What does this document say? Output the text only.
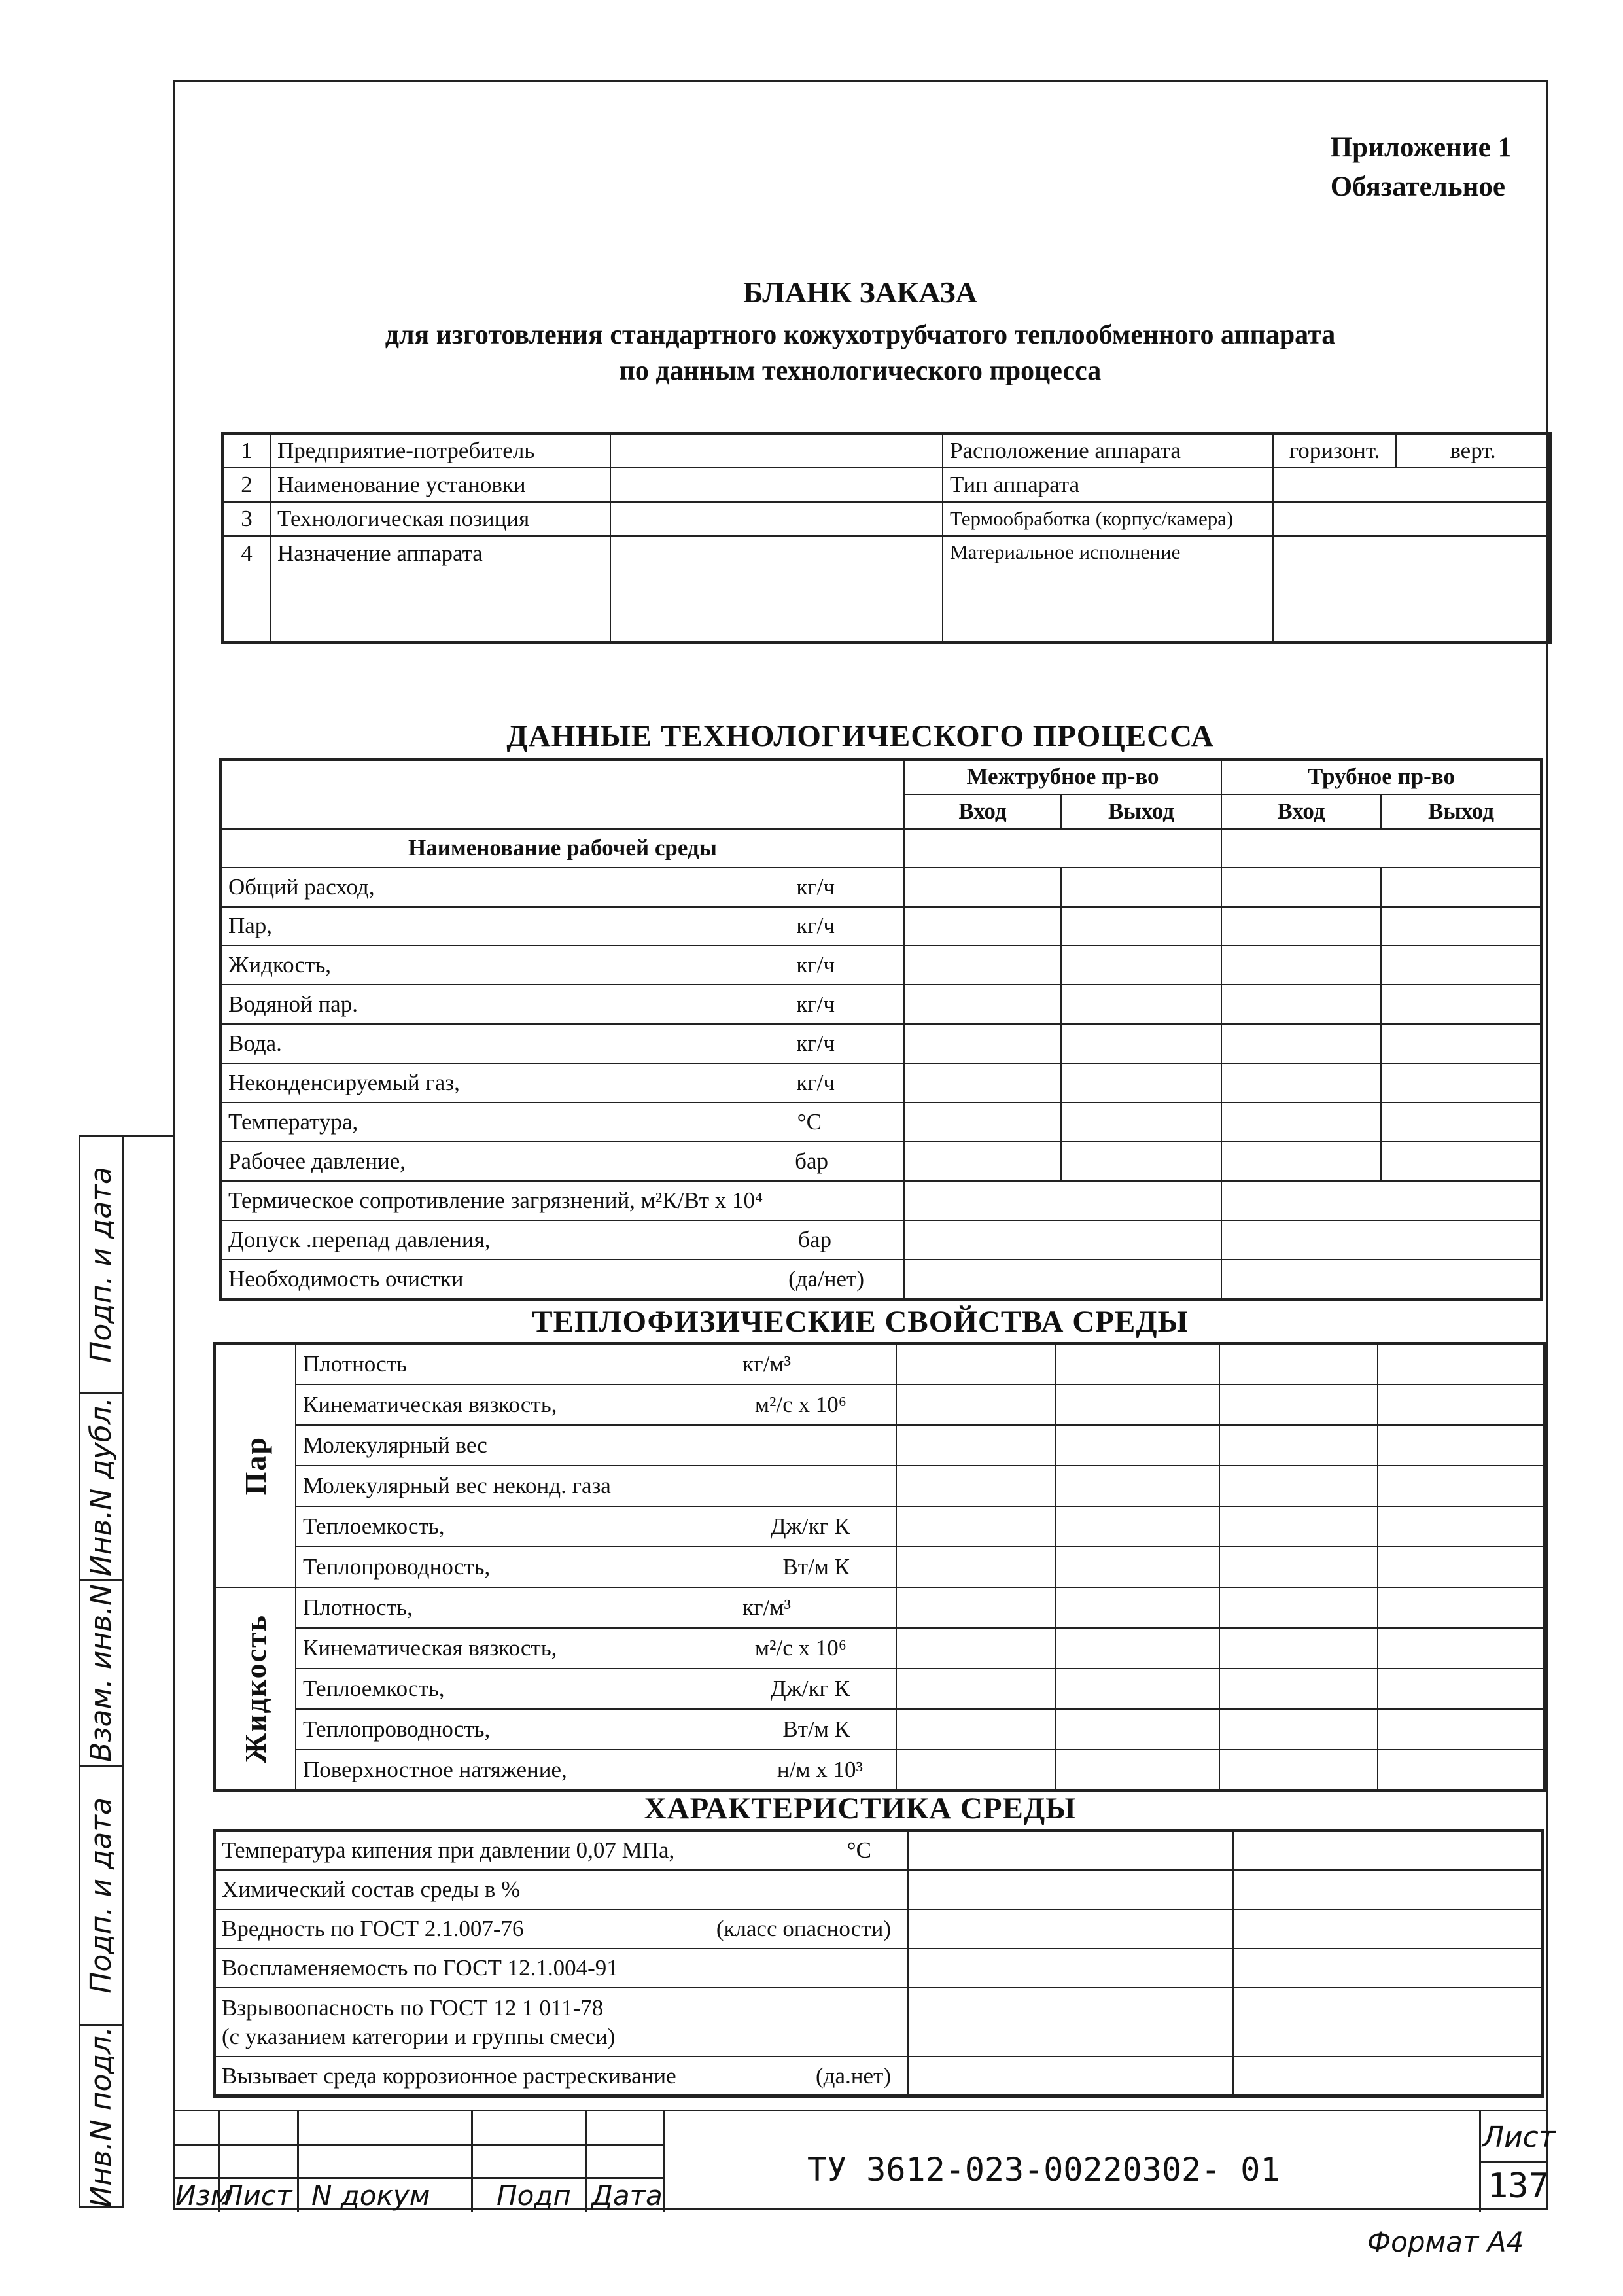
Приложение 1
Обязательное
БЛАНК ЗАКАЗА
для изготовления стандартного кожухотрубчатого теплообменного аппарата
по данным технологического процесса
1	Предприятие-потребитель		Расположение аппарата	горизонт.	верт.
2	Наименование установки		Тип аппарата		
3	Технологическая позиция		Термообработка (корпус/камера)		
4	Назначение аппарата		Материальное исполнение		
ДАННЫЕ ТЕХНОЛОГИЧЕСКОГО ПРОЦЕССА
	Межтрубное пр-во		Трубное пр-во	
	Вход	Выход	Вход	Выход
Наименование рабочей среды				
Общий расход, кг/ч				

Пар, кг/ч				

Жидкость, кг/ч				

Водяной пар. кг/ч				

Вода. кг/ч				

Неконденсируемый газ, кг/ч				

Температура, °С				

Рабочее давление, бар				

Термическое сопротивление загрязнений, м²К/Вт x 10⁴				
Допуск .перепад давления, бар				

Необходимость очистки (да/нет)				

ТЕПЛОФИЗИЧЕСКИЕ СВОЙСТВА СРЕДЫ
Пар	Плотность кг/м³				

	Кинематическая вязкость, м²/с x 10⁶				

	Молекулярный вес				
	Молекулярный вес неконд. газа				
	Теплоемкость, Дж/кг К				

	Теплопроводность, Вт/м К				

Жидкость	Плотность, кг/м³				

	Кинематическая вязкость, м²/с x 10⁶				

	Теплоемкость, Дж/кг К				

	Теплопроводность, Вт/м К				

	Поверхностное натяжение, н/м x 10³				

ХАРАКТЕРИСТИКА СРЕДЫ
Температура кипения при давлении 0,07 МПа, °С		

Химический состав среды в %		
Вредность по ГОСТ 2.1.007-76 (класс опасности)		

Воспламеняемость по ГОСТ 12.1.004-91		

Взрывоопасность по ГОСТ 12 1 011-78
(с указанием категории и группы смеси)		

Вызывает среда коррозионное растрескивание (да.нет)		

Подп. и дата
Инв.N дубл.
Взам. инв.N
Подп. и дата
Инв.N подл. Изм
Лист N докум Подп Дата
ТУ 3612-023-00220302- 01
Лист
137
Формат А4
